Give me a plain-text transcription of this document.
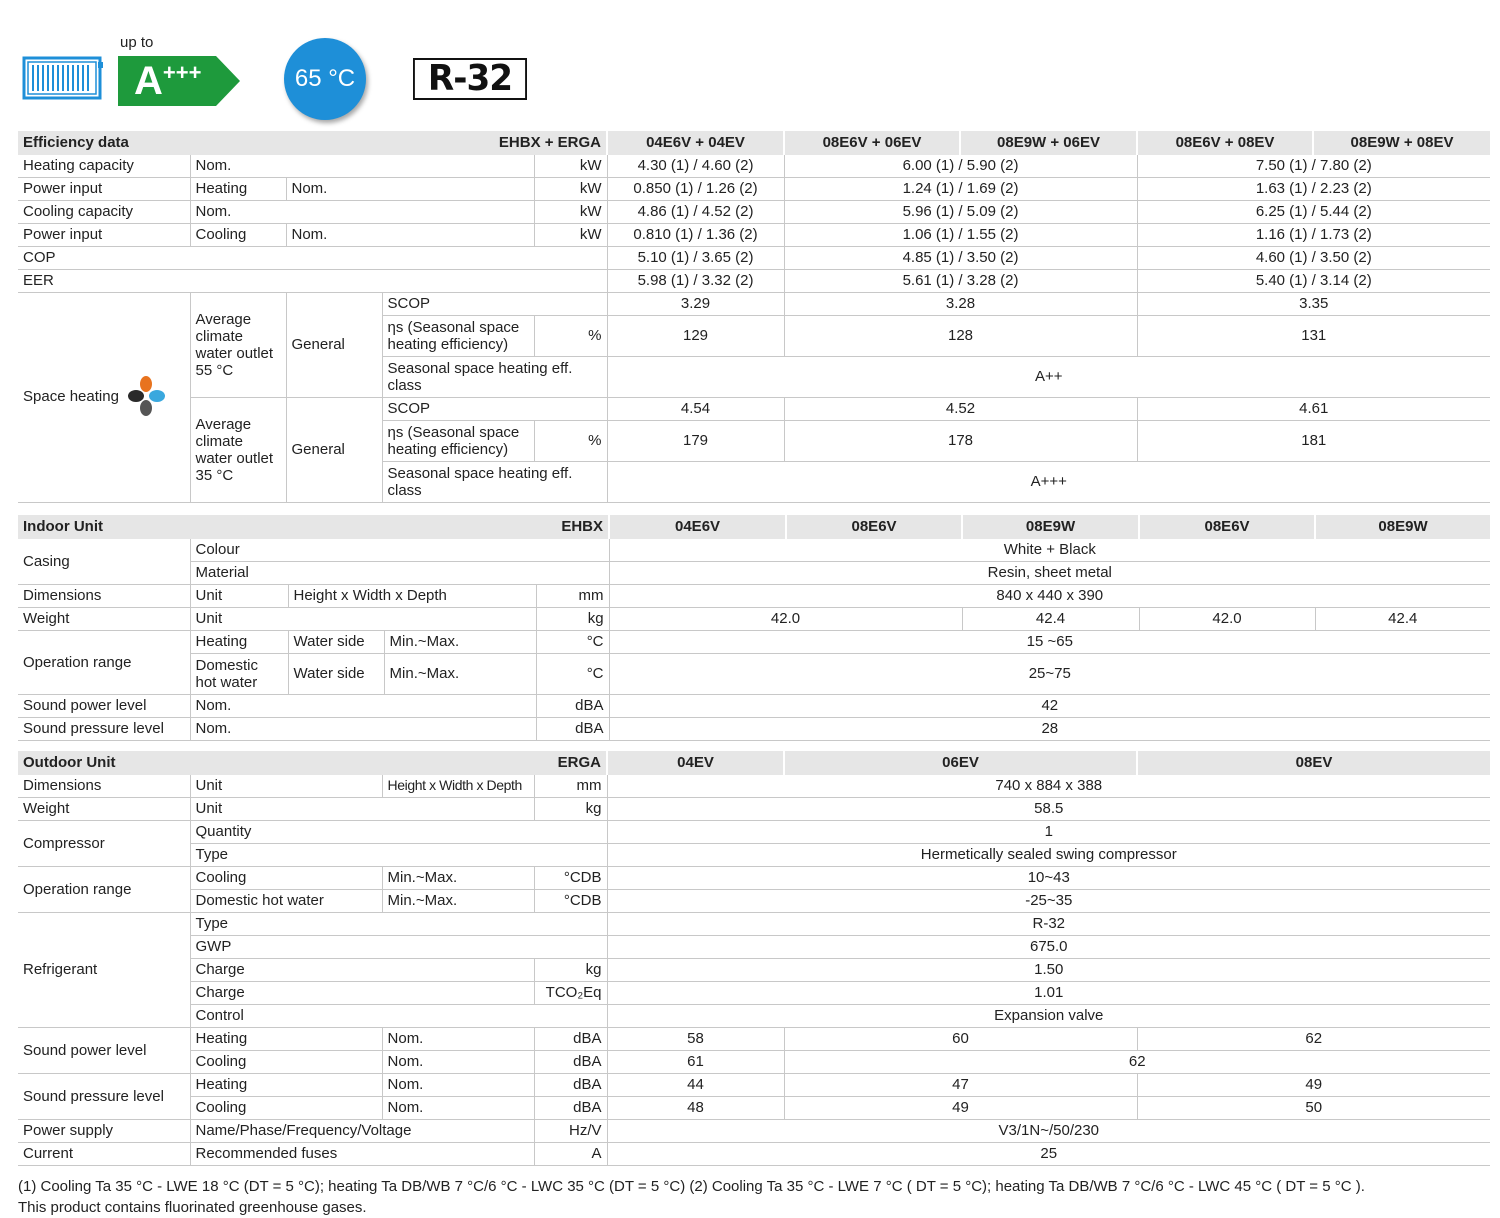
up to
A+++	65 °C	R-32
Efficiency data			EHBX + ERGA		04E6V + 04EV	08E6V + 06EV	08E9W + 06EV	08E6V + 08EV	08E9W + 08EV
Heating capacity	Nom.			kW	4.30 (1) / 4.60 (2)	6.00 (1) / 5.90 (2)		7.50 (1) / 7.80 (2)	
Power input	Heating	Nom.		kW	0.850 (1) / 1.26 (2)	1.24 (1) / 1.69 (2)		1.63 (1) / 2.23 (2)	
Cooling capacity	Nom.			kW	4.86 (1) / 4.52 (2)	5.96 (1) / 5.09 (2)		6.25 (1) / 5.44 (2)	
Power input	Cooling	Nom.		kW	0.810 (1) / 1.36 (2)	1.06 (1) / 1.55 (2)		1.16 (1) / 1.73 (2)	
COP					5.10 (1) / 3.65 (2)	4.85 (1) / 3.50 (2)		4.60 (1) / 3.50 (2)	
EER					5.98 (1) / 3.32 (2)	5.61 (1) / 3.28 (2)		5.40 (1) / 3.14 (2)	
Space heating	Average climate water outlet 55 °C	General	SCOP		3.29	3.28		3.35	
			ηs (Seasonal space heating efficiency)	%	129	128		131	
			Seasonal space heating eff. class		A++				
	Average climate water outlet 35 °C	General	SCOP		4.54	4.52		4.61	
			ηs (Seasonal space heating efficiency)	%	179	178		181	
			Seasonal space heating eff. class		A+++				
Indoor Unit			EHBX		04E6V	08E6V	08E9W	08E6V	08E9W
Casing	Colour				White + Black				
	Material				Resin, sheet metal				
Dimensions	Unit	Height x Width x Depth		mm	840 x 440 x 390				
Weight	Unit			kg	42.0		42.4	42.0	42.4
Operation range	Heating	Water side	Min.~Max.	°C	15 ~65				
	Domestic hot water	Water side	Min.~Max.	°C	25~75				
Sound power level	Nom.			dBA	42				
Sound pressure level	Nom.			dBA	28				
Outdoor Unit		ERGA		04EV	06EV	08EV
Dimensions	Unit	Height x Width x Depth	mm	740 x 884 x 388		
Weight	Unit		kg	58.5		
Compressor	Quantity			1		
	Type			Hermetically sealed swing compressor		
Operation range	Cooling	Min.~Max.	°CDB	10~43		
	Domestic hot water	Min.~Max.	°CDB	-25~35		
Refrigerant	Type			R-32		
	GWP			675.0		
	Charge		kg	1.50		
	Charge		TCO₂Eq	1.01		
	Control			Expansion valve		
Sound power level	Heating	Nom.	dBA	58	60	62
	Cooling	Nom.	dBA	61	62	
Sound pressure level	Heating	Nom.	dBA	44	47	49
	Cooling	Nom.	dBA	48	49	50
Power supply	Name/Phase/Frequency/Voltage		Hz/V	V3/1N~/50/230		
Current	Recommended fuses		A	25		
(1) Cooling Ta 35 °C - LWE 18 °C (DT = 5 °C); heating Ta DB/WB 7 °C/6 °C - LWC 35 °C (DT = 5 °C) (2) Cooling Ta 35 °C - LWE 7 °C ( DT = 5 °C); heating Ta DB/WB 7 °C/6 °C - LWC 45 °C ( DT = 5 °C ).
This product contains fluorinated greenhouse gases.
